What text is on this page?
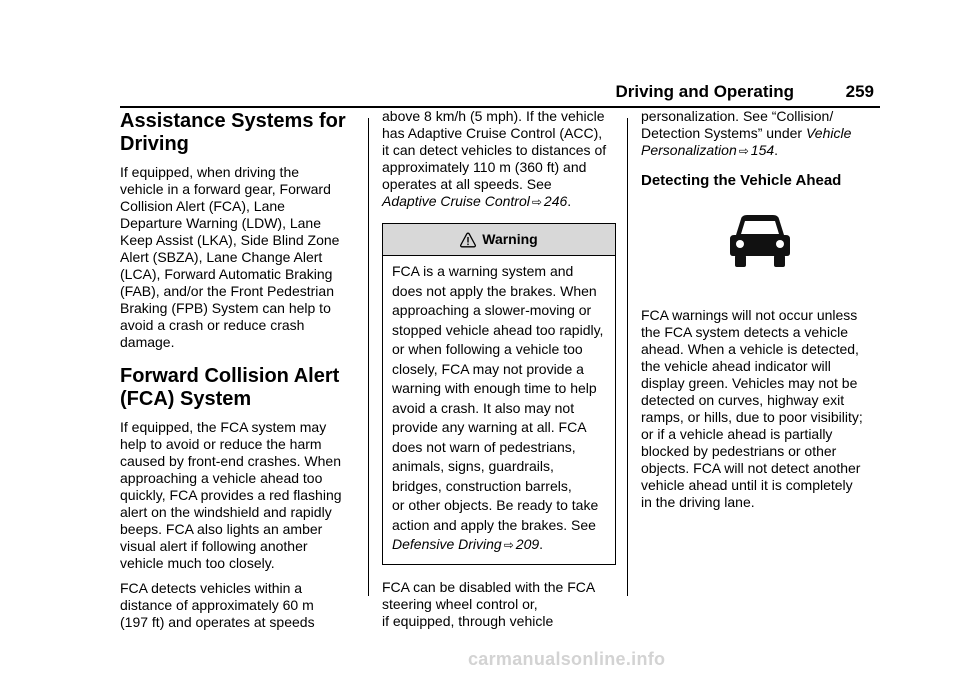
Driving and Operating	259
Assistance Systems for
Driving

If equipped, when driving the
vehicle in a forward gear, Forward
Collision Alert (FCA), Lane
Departure Warning (LDW), Lane
Keep Assist (LKA), Side Blind Zone
Alert (SBZA), Lane Change Alert
(LCA), Forward Automatic Braking
(FAB), and/or the Front Pedestrian
Braking (FPB) System can help to
avoid a crash or reduce crash
damage.

Forward Collision Alert
(FCA) System

If equipped, the FCA system may
help to avoid or reduce the harm
caused by front-end crashes. When
approaching a vehicle ahead too
quickly, FCA provides a red flashing
alert on the windshield and rapidly
beeps. FCA also lights an amber
visual alert if following another
vehicle much too closely.

FCA detects vehicles within a
distance of approximately 60 m
(197 ft) and operates at speeds

above 8 km/h (5 mph). If the vehicle
has Adaptive Cruise Control (ACC),
it can detect vehicles to distances of
approximately 110 m (360 ft) and
operates at all speeds. See
Adaptive Cruise Control ⇨ 246.

Warning
FCA is a warning system and
does not apply the brakes. When
approaching a slower-moving or
stopped vehicle ahead too rapidly,
or when following a vehicle too
closely, FCA may not provide a
warning with enough time to help
avoid a crash. It also may not
provide any warning at all. FCA
does not warn of pedestrians,
animals, signs, guardrails,
bridges, construction barrels,
or other objects. Be ready to take
action and apply the brakes. See
Defensive Driving ⇨ 209.

FCA can be disabled with the FCA
steering wheel control or,
if equipped, through vehicle

personalization. See “Collision/
Detection Systems” under Vehicle
Personalization ⇨ 154.

Detecting the Vehicle Ahead

FCA warnings will not occur unless
the FCA system detects a vehicle
ahead. When a vehicle is detected,
the vehicle ahead indicator will
display green. Vehicles may not be
detected on curves, highway exit
ramps, or hills, due to poor visibility;
or if a vehicle ahead is partially
blocked by pedestrians or other
objects. FCA will not detect another
vehicle ahead until it is completely
in the driving lane.

carmanualsonline.info
